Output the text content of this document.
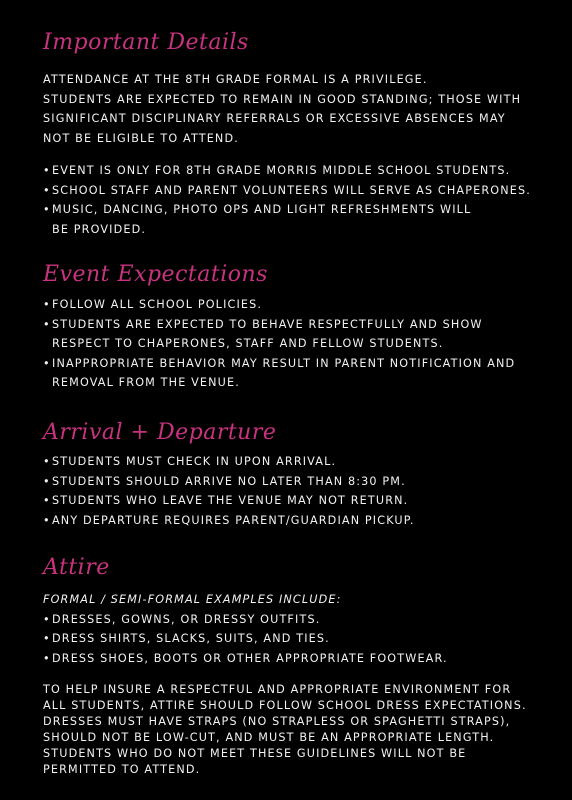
Important Details

ATTENDANCE AT THE 8TH GRADE FORMAL IS A PRIVILEGE.

STUDENTS ARE EXPECTED TO REMAIN IN GOOD STANDING; THOSE WITH

SIGNIFICANT DISCIPLINARY REFERRALS OR EXCESSIVE ABSENCES MAY

NOT BE ELIGIBLE TO ATTEND.

• EVENT IS ONLY FOR 8TH GRADE MORRIS MIDDLE SCHOOL STUDENTS.

• SCHOOL STAFF AND PARENT VOLUNTEERS WILL SERVE AS CHAPERONES.

• MUSIC, DANCING, PHOTO OPS AND LIGHT REFRESHMENTS WILL BE PROVIDED.

Event Expectations

• FOLLOW ALL SCHOOL POLICIES.

• STUDENTS ARE EXPECTED TO BEHAVE RESPECTFULLY AND SHOW RESPECT TO CHAPERONES, STAFF AND FELLOW STUDENTS.

• INAPPROPRIATE BEHAVIOR MAY RESULT IN PARENT NOTIFICATION AND REMOVAL FROM THE VENUE.

Arrival + Departure

• STUDENTS MUST CHECK IN UPON ARRIVAL.

• STUDENTS SHOULD ARRIVE NO LATER THAN 8:30 PM.

• STUDENTS WHO LEAVE THE VENUE MAY NOT RETURN.

• ANY DEPARTURE REQUIRES PARENT/GUARDIAN PICKUP.

Attire

FORMAL / SEMI-FORMAL EXAMPLES INCLUDE:

• DRESSES, GOWNS, OR DRESSY OUTFITS.

• DRESS SHIRTS, SLACKS, SUITS, AND TIES.

• DRESS SHOES, BOOTS OR OTHER APPROPRIATE FOOTWEAR.

TO HELP INSURE A RESPECTFUL AND APPROPRIATE ENVIRONMENT FOR

ALL STUDENTS, ATTIRE SHOULD FOLLOW SCHOOL DRESS EXPECTATIONS.

DRESSES MUST HAVE STRAPS (NO STRAPLESS OR SPAGHETTI STRAPS),

SHOULD NOT BE LOW-CUT, AND MUST BE AN APPROPRIATE LENGTH.

STUDENTS WHO DO NOT MEET THESE GUIDELINES WILL NOT BE

PERMITTED TO ATTEND.
